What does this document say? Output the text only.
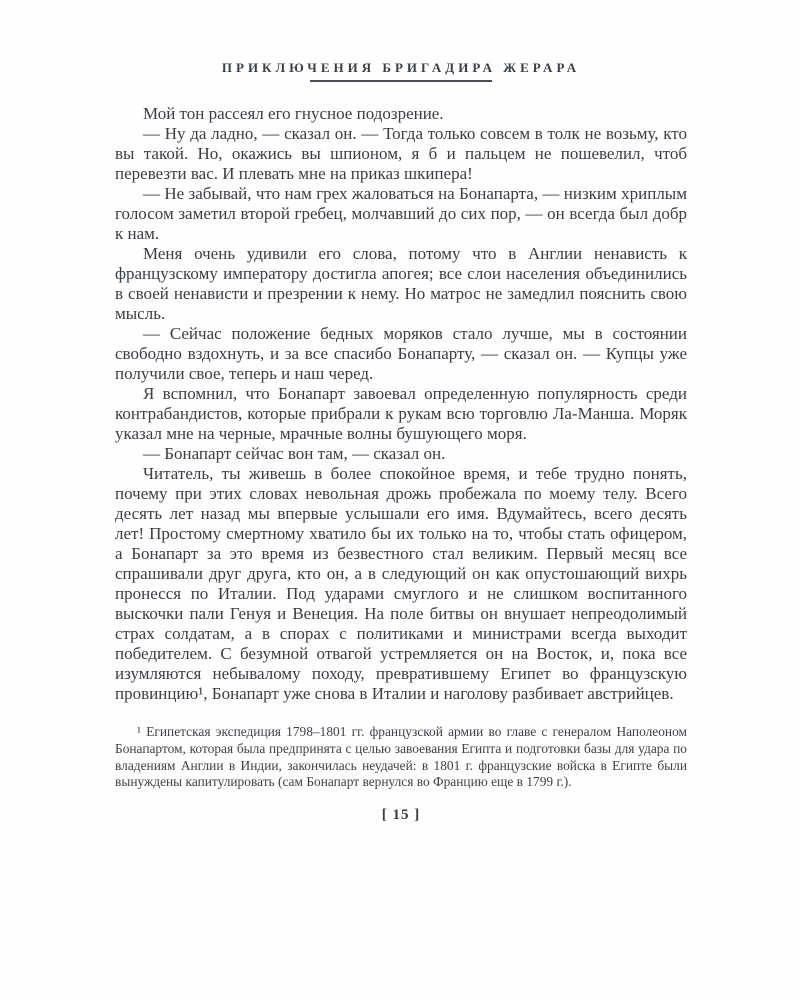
ПРИКЛЮЧЕНИЯ БРИГАДИРА ЖЕРАРА

Мой тон рассеял его гнусное подозрение.

— Ну да ладно, — сказал он. — Тогда только совсем в толк не возьму, кто вы такой. Но, окажись вы шпионом, я б и пальцем не пошевелил, чтоб перевезти вас. И плевать мне на приказ шкипера!

— Не забывай, что нам грех жаловаться на Бонапарта, — низким хриплым голосом заметил второй гребец, молчавший до сих пор, — он всегда был добр к нам.

Меня очень удивили его слова, потому что в Англии ненависть к французскому императору достигла апогея; все слои населения объединились в своей ненависти и презрении к нему. Но матрос не замедлил пояснить свою мысль.

— Сейчас положение бедных моряков стало лучше, мы в состоянии свободно вздохнуть, и за все спасибо Бонапарту, — сказал он. — Купцы уже получили свое, теперь и наш черед.

Я вспомнил, что Бонапарт завоевал определенную популярность среди контрабандистов, которые прибрали к рукам всю торговлю Ла-Манша. Моряк указал мне на черные, мрачные волны бушующего моря.

— Бонапарт сейчас вон там, — сказал он.

Читатель, ты живешь в более спокойное время, и тебе трудно понять, почему при этих словах невольная дрожь пробежала по моему телу. Всего десять лет назад мы впервые услышали его имя. Вдумайтесь, всего десять лет! Простому смертному хватило бы их только на то, чтобы стать офицером, а Бонапарт за это время из безвестного стал великим. Первый месяц все спрашивали друг друга, кто он, а в следующий он как опустошающий вихрь пронесся по Италии. Под ударами смуглого и не слишком воспитанного выскочки пали Генуя и Венеция. На поле битвы он внушает непреодолимый страх солдатам, а в спорах с политиками и министрами всегда выходит победителем. С безумной отвагой устремляется он на Восток, и, пока все изумляются небывалому походу, превратившему Египет во французскую провинцию¹, Бонапарт уже снова в Италии и наголову разбивает австрийцев.

¹ Египетская экспедиция 1798–1801 гг. французской армии во главе с генералом Наполеоном Бонапартом, которая была предпринята с целью завоевания Египта и подготовки базы для удара по владениям Англии в Индии, закончилась неудачей: в 1801 г. французские войска в Египте были вынуждены капитулировать (сам Бонапарт вернулся во Францию еще в 1799 г.).
[ 15 ]
